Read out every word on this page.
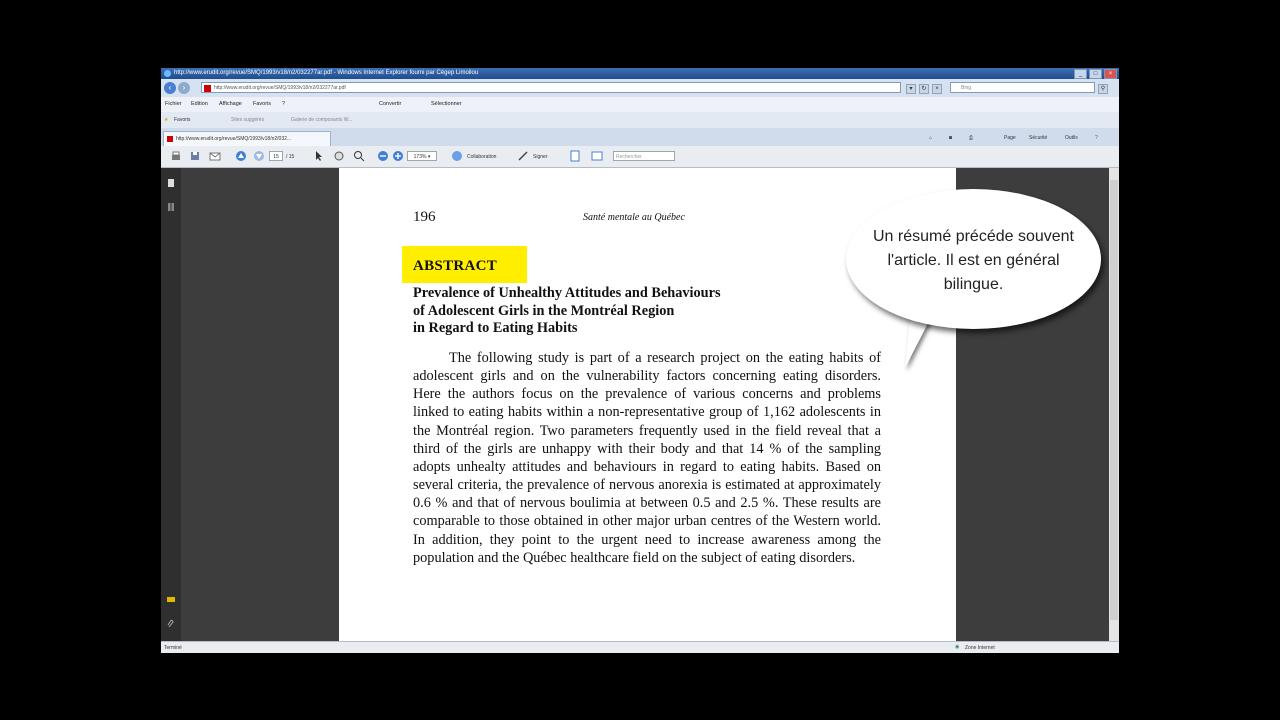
http://www.erudit.org/revue/SMQ/1993/v18/n2/032277ar.pdf - Windows Internet Explorer fourni par Cégep Limoilou	_	□	×
‹	›	http://www.erudit.org/revue/SMQ/1993/v18/n2/032277ar.pdf	▾	↻	×	Bing	⚲
Fichier Edition Affichage Favoris ?	Convertir	Sélectionner
★ Favoris	Sites suggérés	Galerie de composants W...
http://www.erudit.org/revue/SMQ/1993/v18/n2/032...	⌂	◙	⎙	Page	Sécurité	Outils	?
15	/ 15	173% ▾	Collaboration	Signer	Rechercher
196	Santé mentale au Québec
ABSTRACT
Prevalence of Unhealthy Attitudes and Behaviours
of Adolescent Girls in the Montréal Region
in Regard to Eating Habits

The following study is part of a research project on the eating habits of adolescent girls and on the vulnerability factors concerning eating disorders. Here the authors focus on the prevalence of various concerns and problems linked to eating habits within a non-representative group of 1,162 adolescents in the Montréal region. Two parameters frequently used in the field reveal that a third of the girls are unhappy with their body and that 14 % of the sampling adopts unhealty attitudes and behaviours in regard to eating habits. Based on several criteria, the prevalence of nervous anorexia is estimated at approximately 0.6 % and that of nervous boulimia at between 0.5 and 2.5 %. These results are comparable to those obtained in other major urban centres of the Western world. In addition, they point to the urgent need to increase awareness among the population and the Québec healthcare field on the subject of eating disorders.

Terminé	◉ Zone Internet
Un résumé précéde souvent l'article. Il est en général bilingue.
